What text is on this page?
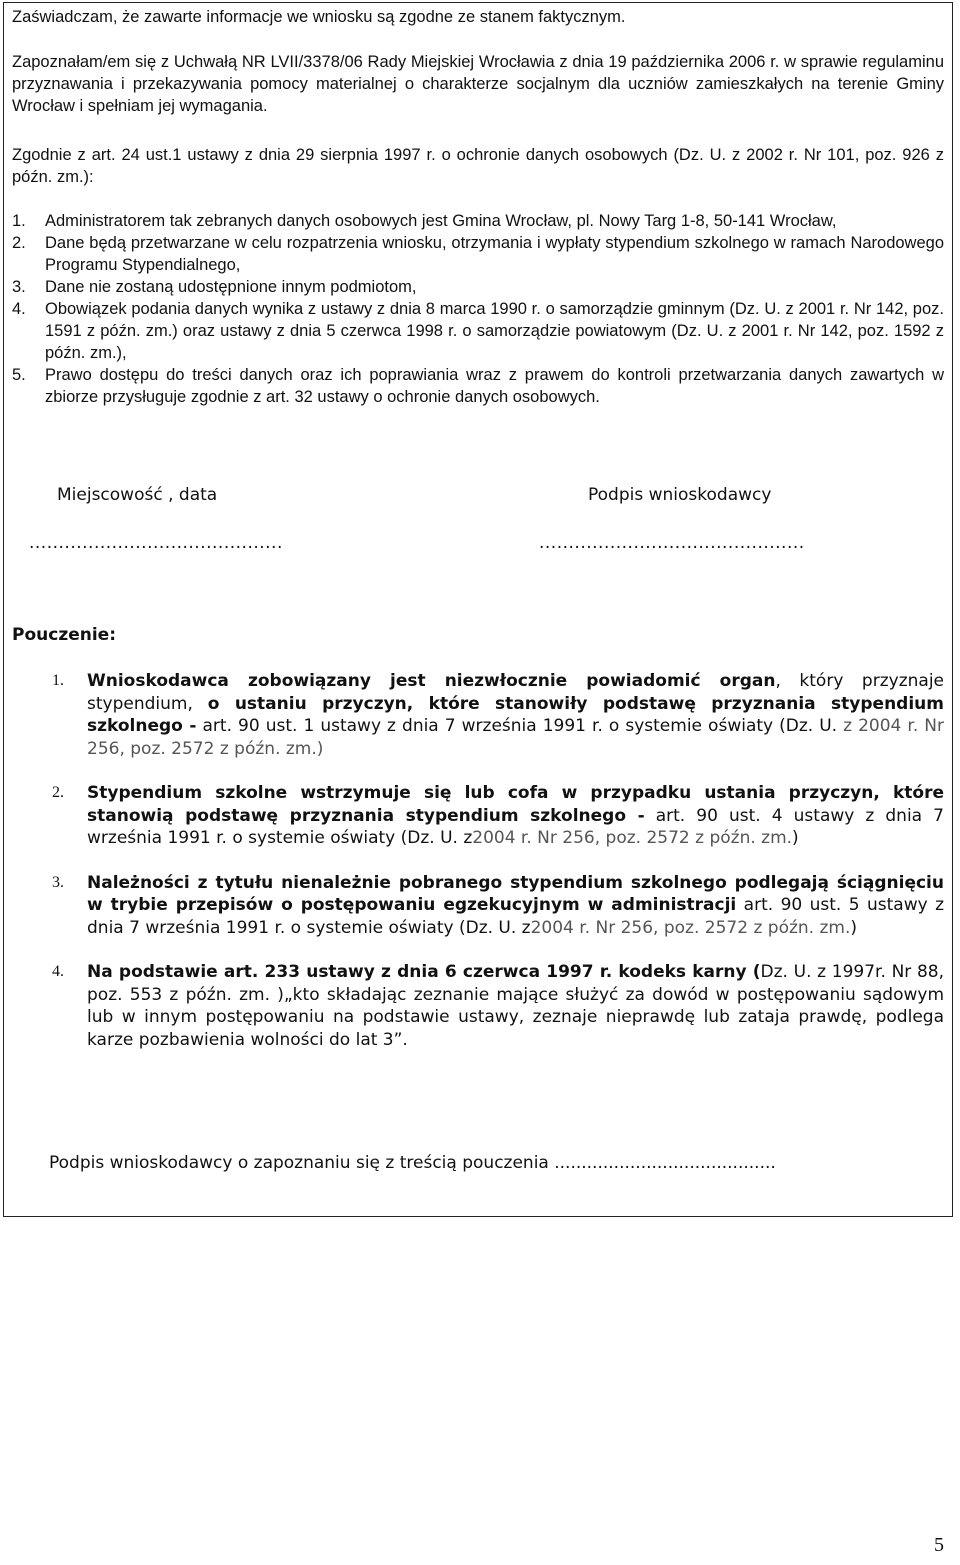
Zaświadczam, że zawarte informacje we wniosku są zgodne ze stanem faktycznym.

Zapoznałam/em się z Uchwałą NR LVII/3378/06 Rady Miejskiej Wrocławia z dnia 19 października 2006 r. w sprawie regulaminu przyznawania i przekazywania pomocy materialnej o charakterze socjalnym dla uczniów zamieszkałych na terenie Gminy Wrocław i spełniam jej wymagania.

Zgodnie z art. 24 ust.1 ustawy z dnia 29 sierpnia 1997 r. o ochronie danych osobowych (Dz. U. z 2002 r. Nr 101, poz. 926 z późn. zm.):

1. Administratorem tak zebranych danych osobowych jest Gmina Wrocław, pl. Nowy Targ 1-8, 50-141 Wrocław,
2. Dane będą przetwarzane w celu rozpatrzenia wniosku, otrzymania i wypłaty stypendium szkolnego w ramach Narodowego Programu Stypendialnego,
3. Dane nie zostaną udostępnione innym podmiotom,
4. Obowiązek podania danych wynika z ustawy z dnia 8 marca 1990 r. o samorządzie gminnym (Dz. U. z 2001 r. Nr 142, poz. 1591 z późn. zm.) oraz ustawy z dnia 5 czerwca 1998 r. o samorządzie powiatowym (Dz. U. z 2001 r. Nr 142, poz. 1592 z późn. zm.),
5. Prawo dostępu do treści danych oraz ich poprawiania wraz z prawem do kontroli przetwarzania danych zawartych w zbiorze przysługuje zgodnie z art. 32 ustawy o ochronie danych osobowych.
Miejscowość , data	Podpis wnioskodawcy
...........................................	.............................................
Pouczenie:
1. Wnioskodawca zobowiązany jest niezwłocznie powiadomić organ, który przyznaje stypendium, o ustaniu przyczyn, które stanowiły podstawę przyznania stypendium szkolnego - art. 90 ust. 1 ustawy z dnia 7 września 1991 r. o systemie oświaty (Dz. U. z 2004 r. Nr 256, poz. 2572 z późn. zm.)
2. Stypendium szkolne wstrzymuje się lub cofa w przypadku ustania przyczyn, które stanowią podstawę przyznania stypendium szkolnego - art. 90 ust. 4 ustawy z dnia 7 września 1991 r. o systemie oświaty (Dz. U. z2004 r. Nr 256, poz. 2572 z późn. zm.)
3. Należności z tytułu nienależnie pobranego stypendium szkolnego podlegają ściągnięciu w trybie przepisów o postępowaniu egzekucyjnym w administracji art. 90 ust. 5 ustawy z dnia 7 września 1991 r. o systemie oświaty (Dz. U. z2004 r. Nr 256, poz. 2572 z późn. zm.)
4. Na podstawie art. 233 ustawy z dnia 6 czerwca 1997 r. kodeks karny (Dz. U. z 1997r. Nr 88, poz. 553 z późn. zm. )„kto składając zeznanie mające służyć za dowód w postępowaniu sądowym lub w innym postępowaniu na podstawie ustawy, zeznaje nieprawdę lub zataja prawdę, podlega karze pozbawienia wolności do lat 3”.
Podpis wnioskodawcy o zapoznaniu się z treścią pouczenia .........................................
5
